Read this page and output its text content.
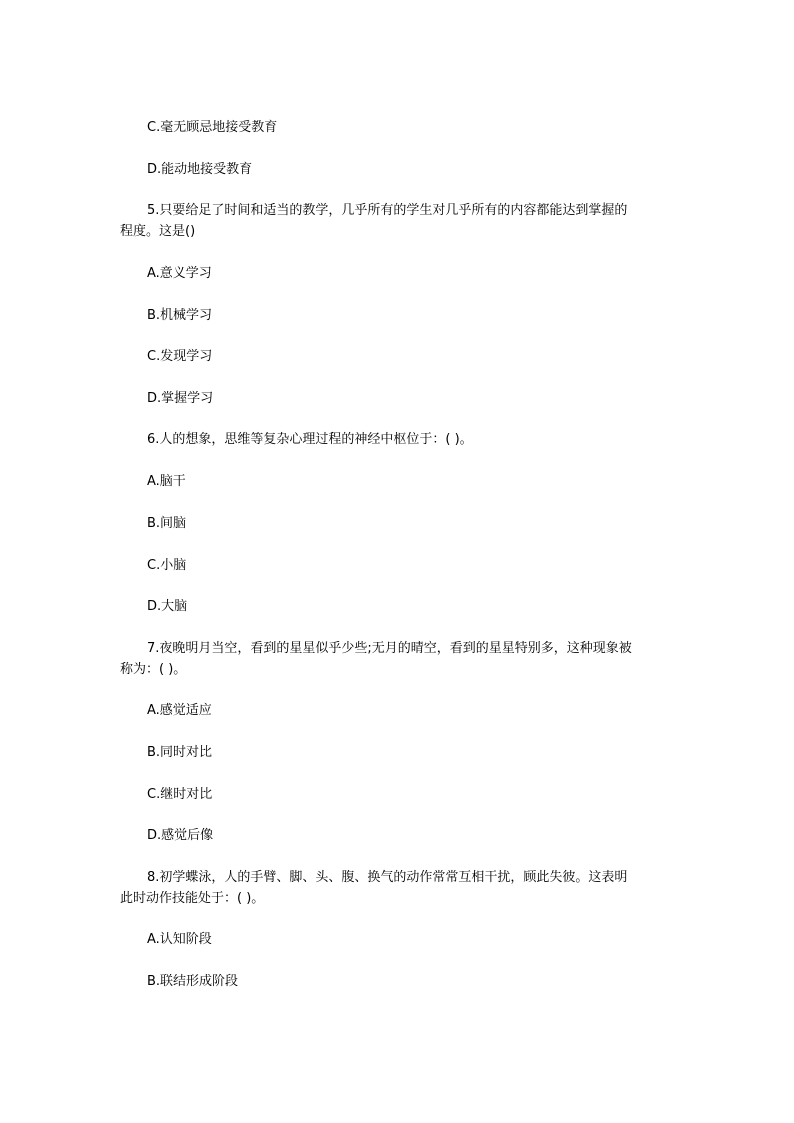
C.毫无顾忌地接受教育
D.能动地接受教育
5.只要给足了时间和适当的教学，几乎所有的学生对几乎所有的内容都能达到掌握的
程度。这是()
A.意义学习
B.机械学习
C.发现学习
D.掌握学习
6.人的想象，思维等复杂心理过程的神经中枢位于：( )。
A.脑干
B.间脑
C.小脑
D.大脑
7.夜晚明月当空，看到的星星似乎少些;无月的晴空，看到的星星特别多，这种现象被
称为：( )。
A.感觉适应
B.同时对比
C.继时对比
D.感觉后像
8.初学蝶泳，人的手臂、脚、头、腹、换气的动作常常互相干扰，顾此失彼。这表明
此时动作技能处于：( )。
A.认知阶段
B.联结形成阶段
